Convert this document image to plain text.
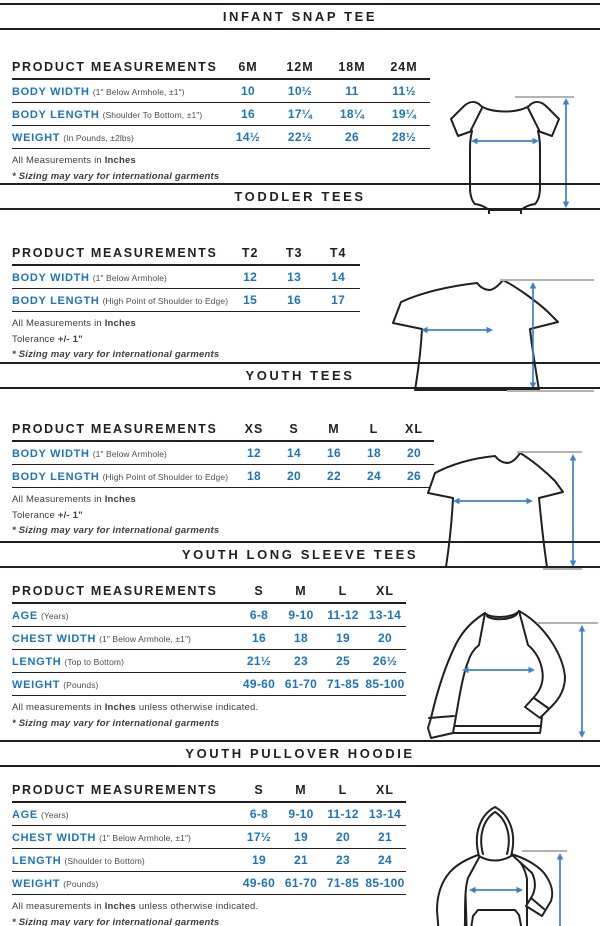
INFANT SNAP TEE
PRODUCT MEASUREMENTS	6M	12M	18M	24M
BODY WIDTH (1" Below Armhole, ±1")	10	10½	11	11½
BODY LENGTH (Shoulder To Bottom, ±1")	16	17¼	18¼	19¼
WEIGHT (In Pounds, ±2lbs)	14½	22½	26	28½

All Measurements in Inches

* Sizing may vary for international garments

TODDLER TEES
PRODUCT MEASUREMENTS	T2	T3	T4
BODY WIDTH (1" Below Armhole)	12	13	14
BODY LENGTH (High Point of Shoulder to Edge)	15	16	17

All Measurements in Inches

Tolerance +/- 1"

* Sizing may vary for international garments

YOUTH TEES
PRODUCT MEASUREMENTS	XS	S	M	L	XL
BODY WIDTH (1" Below Armhole)	12	14	16	18	20
BODY LENGTH (High Point of Shoulder to Edge)	18	20	22	24	26

All Measurements in Inches

Tolerance +/- 1"

* Sizing may vary for international garments

YOUTH LONG SLEEVE TEES
PRODUCT MEASUREMENTS	S	M	L	XL
AGE (Years)	6-8	9-10	11-12	13-14
CHEST WIDTH (1" Below Armhole, ±1")	16	18	19	20
LENGTH (Top to Bottom)	21½	23	25	26½
WEIGHT (Pounds)	49-60	61-70	71-85	85-100

All measurements in Inches unless otherwise indicated.

* Sizing may vary for international garments

YOUTH PULLOVER HOODIE
PRODUCT MEASUREMENTS	S	M	L	XL
AGE (Years)	6-8	9-10	11-12	13-14
CHEST WIDTH (1" Below Armhole, ±1")	17½	19	20	21
LENGTH (Shoulder to Bottom)	19	21	23	24
WEIGHT (Pounds)	49-60	61-70	71-85	85-100

All measurements in Inches unless otherwise indicated.

* Sizing may vary for international garments
